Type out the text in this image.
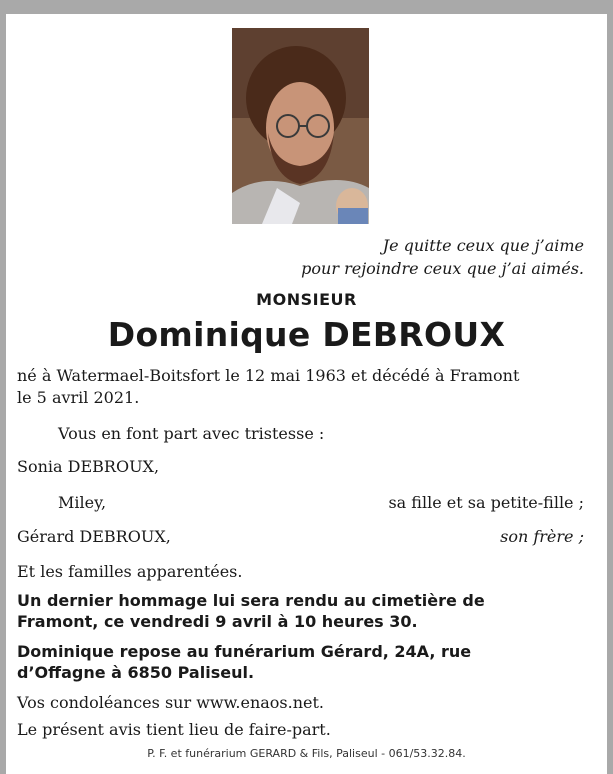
Je quitte ceux que j’aime
pour rejoindre ceux que j’ai aimés.
MONSIEUR
Dominique DEBROUX
né à Watermael-Boitsfort le 12 mai 1963 et décédé à Framont
le 5 avril 2021.
Vous en font part avec tristesse :
Sonia DEBROUX,
Miley,	sa fille et sa petite-fille ;
Gérard DEBROUX,	son frère ;
Et les familles apparentées.
Un dernier hommage lui sera rendu au cimetière de
Framont, ce vendredi 9 avril à 10 heures 30.
Dominique repose au funérarium Gérard, 24A, rue
d’Offagne à 6850 Paliseul.
Vos condoléances sur www.enaos.net.
Le présent avis tient lieu de faire-part.
P. F. et funérarium GERARD & Fils, Paliseul - 061/53.32.84.
